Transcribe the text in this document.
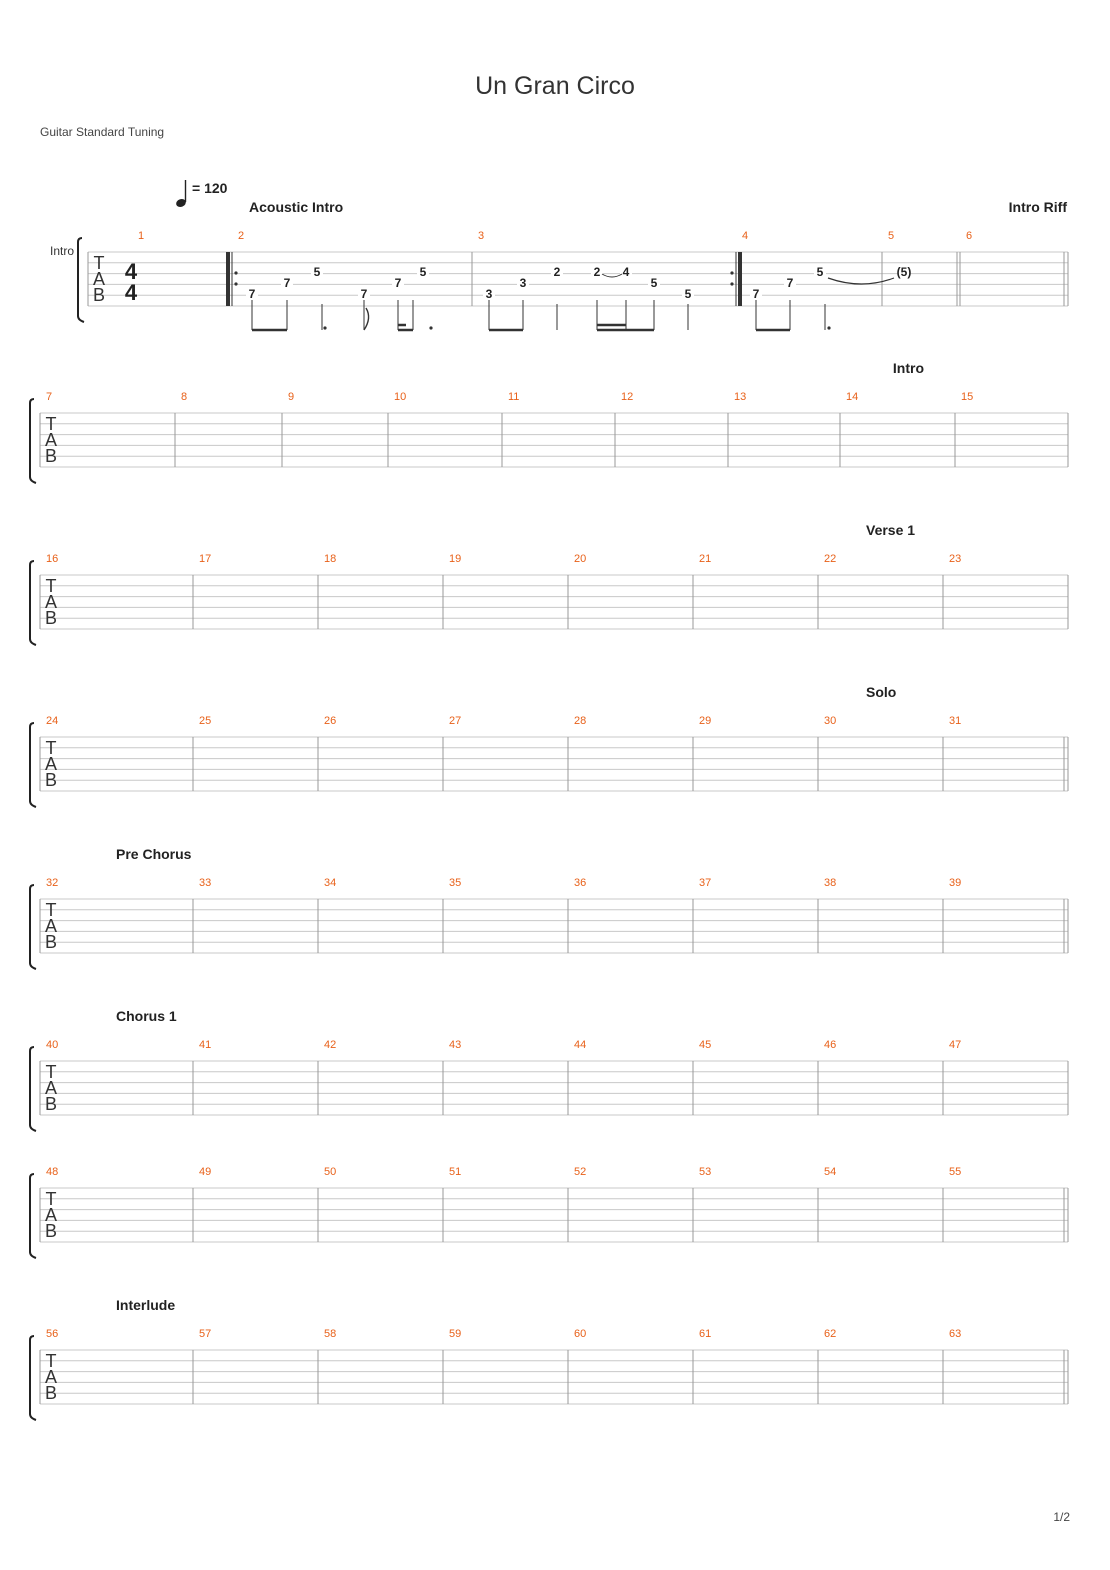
Un Gran Circo
Guitar Standard Tuning
1/2
T
A
B
1	2	3	4	5	6
Acoustic Intro	Intro Riff
T
A
B
7	8	9	10	11	12	13	14	15
Intro
T
A
B
16	17	18	19	20	21	22	23
Verse 1
T
A
B
24	25	26	27	28	29	30	31
Solo
T
A
B
32	33	34	35	36	37	38	39
Pre Chorus
T
A
B
40	41	42	43	44	45	46	47
Chorus 1
T
A
B
48	49	50	51	52	53	54	55
T
A
B
56	57	58	59	60	61	62	63
Interlude
Intro
4
4
= 120
7
7
5
7
7
5
3
3
2	2 4
5
5	7
7
5	(5)
